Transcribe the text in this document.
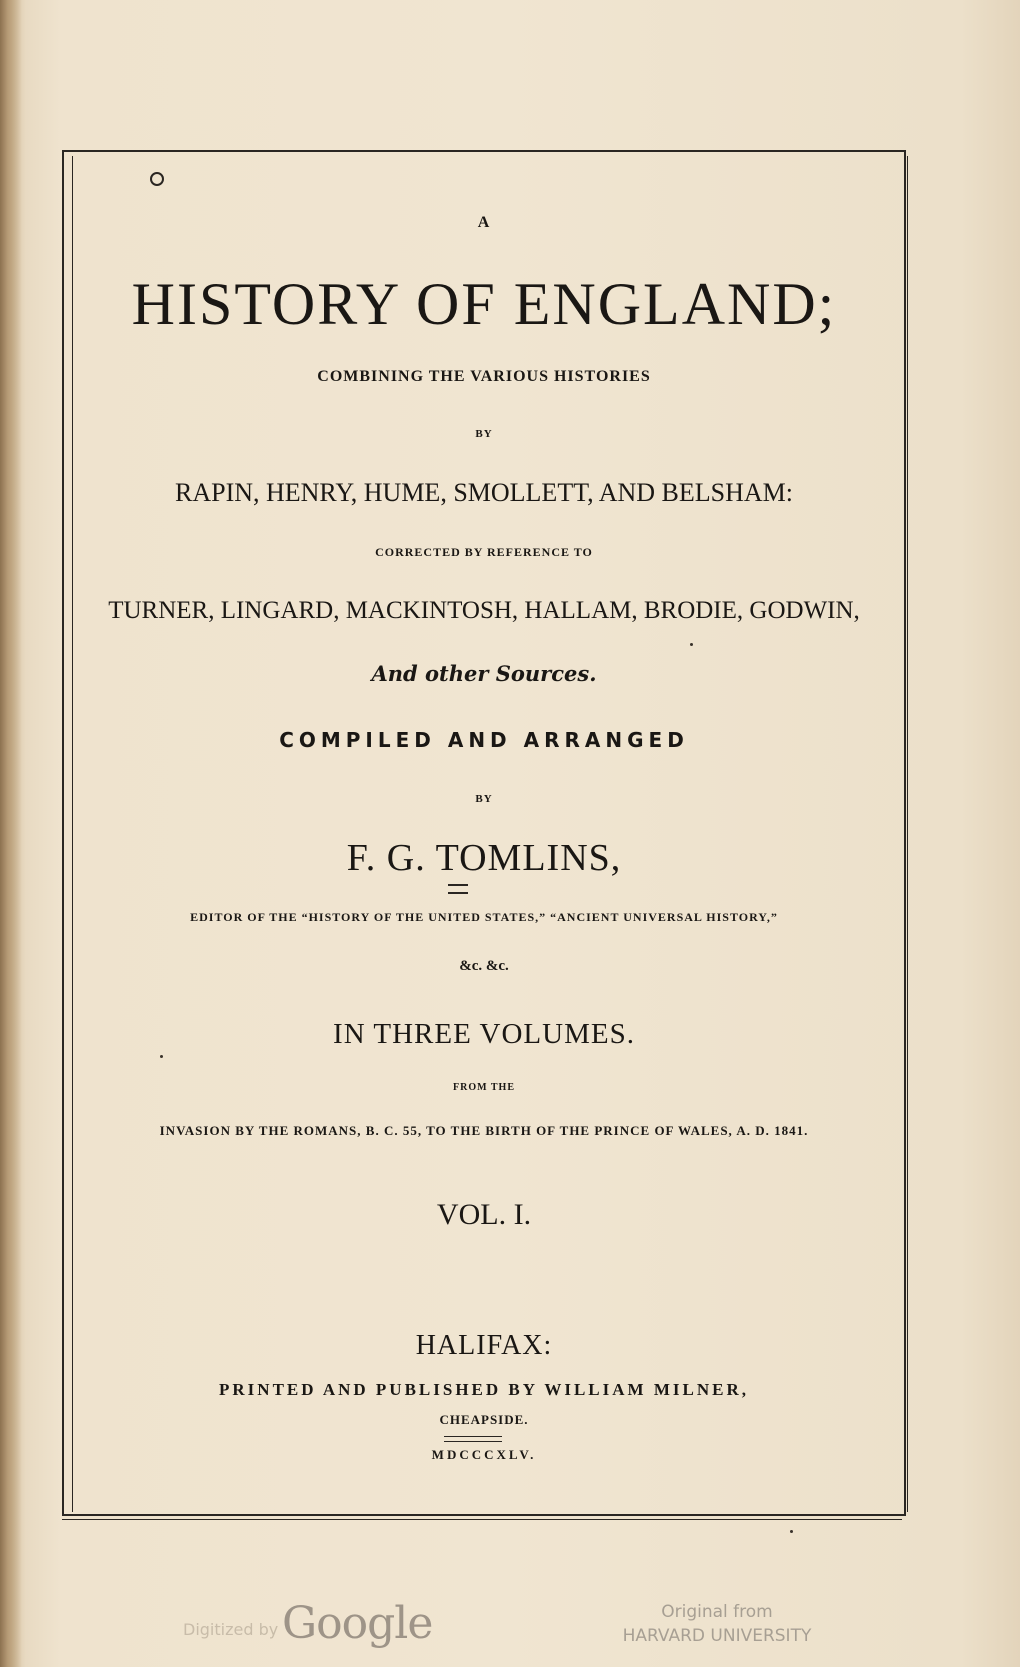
A
HISTORY OF ENGLAND;
COMBINING THE VARIOUS HISTORIES
BY
RAPIN, HENRY, HUME, SMOLLETT, AND BELSHAM:
CORRECTED BY REFERENCE TO
TURNER, LINGARD, MACKINTOSH, HALLAM, BRODIE, GODWIN,
And other Sources.
COMPILED AND ARRANGED
BY
F. G. TOMLINS,
EDITOR OF THE “HISTORY OF THE UNITED STATES,” “ANCIENT UNIVERSAL HISTORY,”
&c. &c.
IN THREE VOLUMES.
FROM THE
INVASION BY THE ROMANS, B. C. 55, TO THE BIRTH OF THE PRINCE OF WALES, A. D. 1841.
VOL. I.
HALIFAX:
PRINTED AND PUBLISHED BY WILLIAM MILNER,
CHEAPSIDE.
MDCCCXLV.
Digitized by Google	Original from
HARVARD UNIVERSITY
